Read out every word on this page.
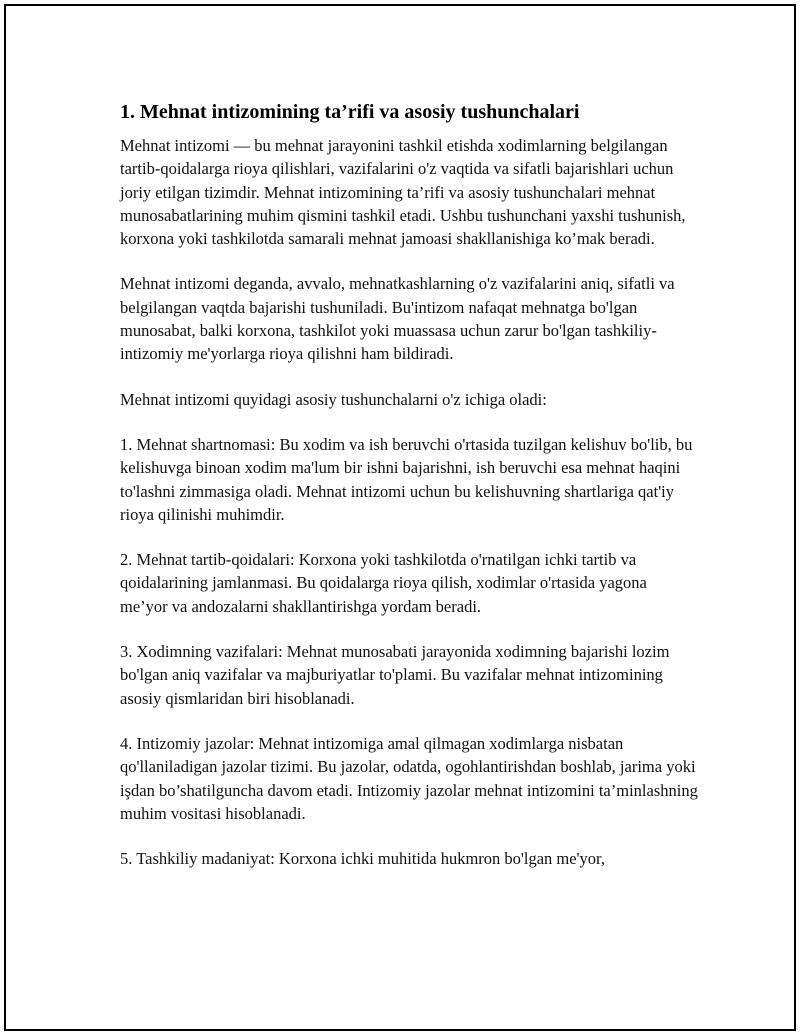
1. Mehnat intizomining ta’rifi va asosiy tushunchalari

Mehnat intizomi — bu mehnat jarayonini tashkil etishda xodimlarning belgilangan tartib-qoidalarga rioya qilishlari, vazifalarini o'z vaqtida va sifatli bajarishlari uchun joriy etilgan tizimdir. Mehnat intizomining ta’rifi va asosiy tushunchalari mehnat munosabatlarining muhim qismini tashkil etadi. Ushbu tushunchani yaxshi tushunish, korxona yoki tashkilotda samarali mehnat jamoasi shakllanishiga ko’mak beradi.

Mehnat intizomi deganda, avvalo, mehnatkashlarning o'z vazifalarini aniq, sifatli va belgilangan vaqtda bajarishi tushuniladi. Bu'intizom nafaqat mehnatga bo'lgan munosabat, balki korxona, tashkilot yoki muassasa uchun zarur bo'lgan tashkiliy-intizomiy me'yorlarga rioya qilishni ham bildiradi.

Mehnat intizomi quyidagi asosiy tushunchalarni o'z ichiga oladi:

1. Mehnat shartnomasi: Bu xodim va ish beruvchi o'rtasida tuzilgan kelishuv bo'lib, bu kelishuvga binoan xodim ma'lum bir ishni bajarishni, ish beruvchi esa mehnat haqini to'lashni zimmasiga oladi. Mehnat intizomi uchun bu kelishuvning shartlariga qat'iy rioya qilinishi muhimdir.

2. Mehnat tartib-qoidalari: Korxona yoki tashkilotda o'rnatilgan ichki tartib va qoidalarining jamlanmasi. Bu qoidalarga rioya qilish, xodimlar o'rtasida yagona me’yor va andozalarni shakllantirishga yordam beradi.

3. Xodimning vazifalari: Mehnat munosabati jarayonida xodimning bajarishi lozim bo'lgan aniq vazifalar va majburiyatlar to'plami. Bu vazifalar mehnat intizomining asosiy qismlaridan biri hisoblanadi.

4. Intizomiy jazolar: Mehnat intizomiga amal qilmagan xodimlarga nisbatan qo'llaniladigan jazolar tizimi. Bu jazolar, odatda, ogohlantirishdan boshlab, jarima yoki işdan bo’shatilguncha davom etadi. Intizomiy jazolar mehnat intizomini ta’minlashning muhim vositasi hisoblanadi.

5. Tashkiliy madaniyat: Korxona ichki muhitida hukmron bo'lgan me'yor,
